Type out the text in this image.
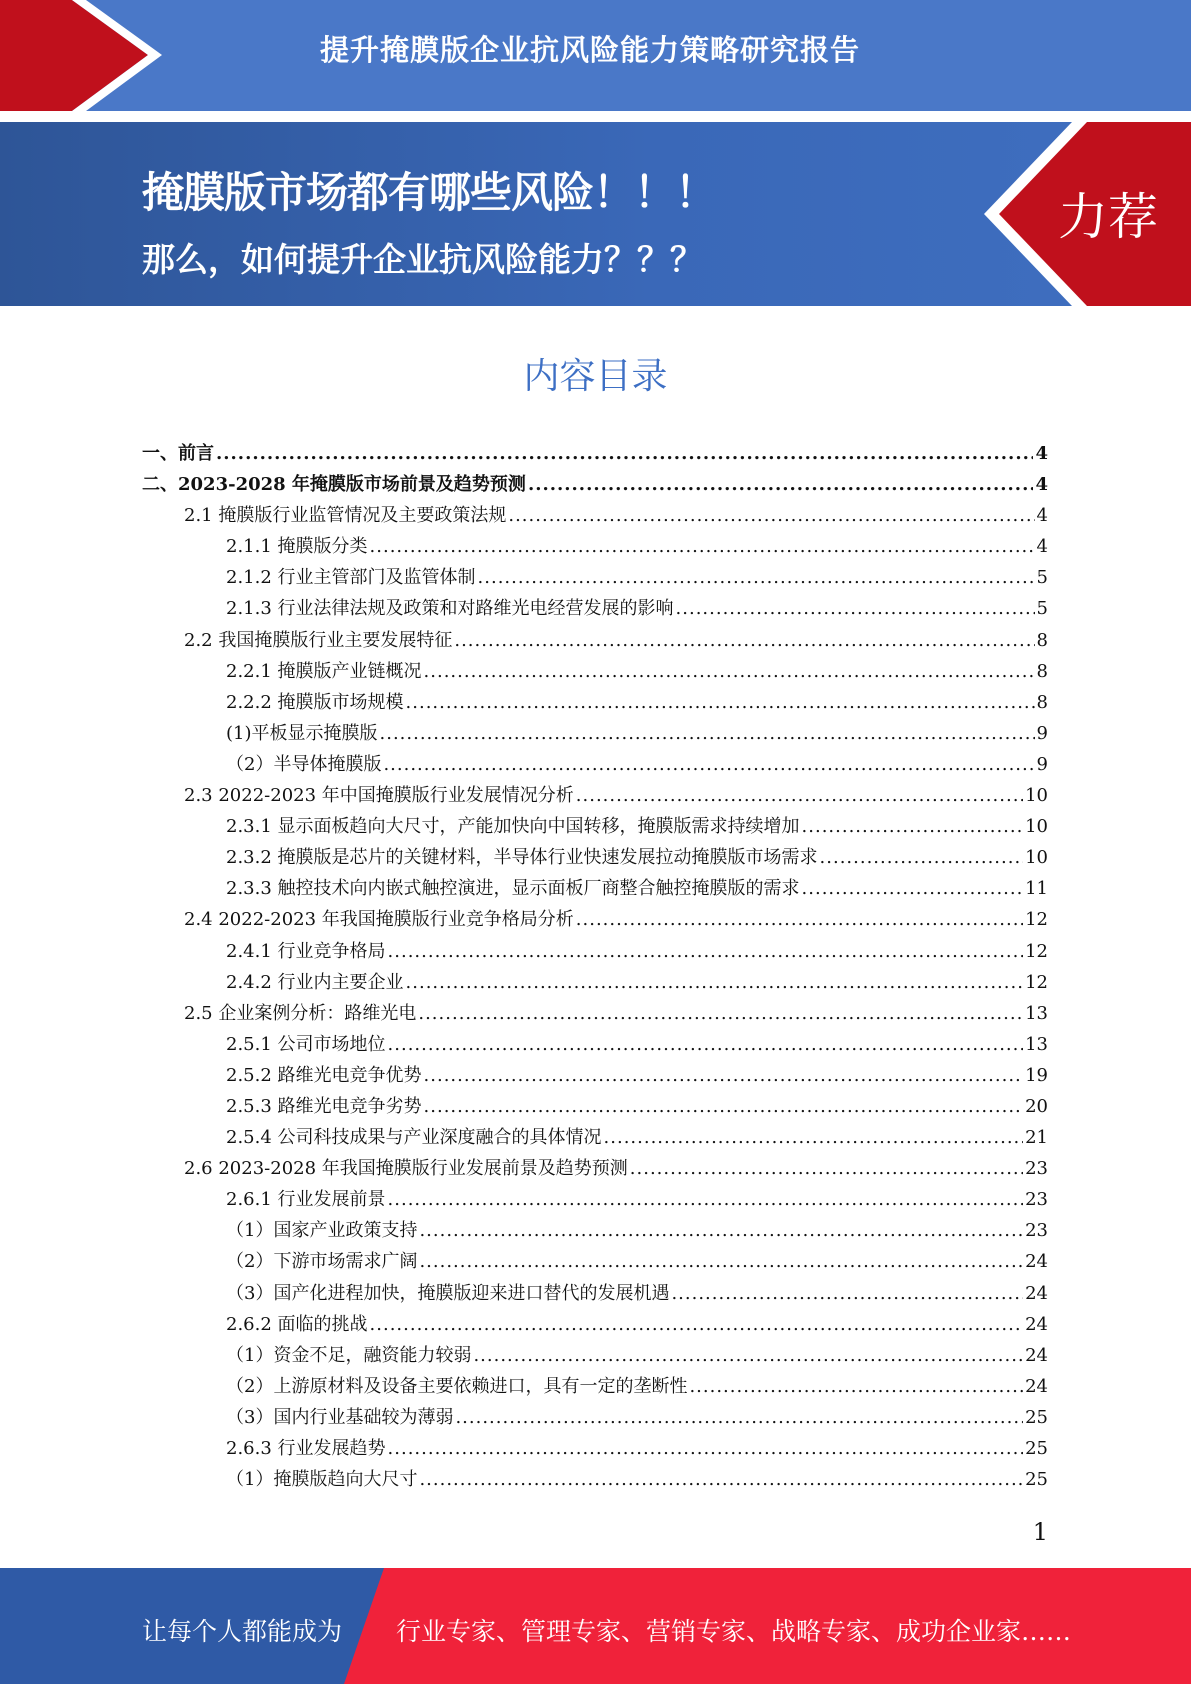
提升掩膜版企业抗风险能力策略研究报告
掩膜版市场都有哪些风险！！！
那么，如何提升企业抗风险能力？？？
力荐
内容目录
一、前言 .....	4
二、2023-2028 年掩膜版市场前景及趋势预测 .....	4
2.1 掩膜版行业监管情况及主要政策法规 .....	4
2.1.1 掩膜版分类 .....	4
2.1.2 行业主管部门及监管体制 .....	5
2.1.3 行业法律法规及政策和对路维光电经营发展的影响 .....	5
2.2 我国掩膜版行业主要发展特征 .....	8
2.2.1 掩膜版产业链概况 .....	8
2.2.2 掩膜版市场规模 .....	8
(1)平板显示掩膜版 .....	9
（2）半导体掩膜版 .....	9
2.3 2022-2023 年中国掩膜版行业发展情况分析 .....	10
2.3.1 显示面板趋向大尺寸，产能加快向中国转移，掩膜版需求持续增加 .....	10
2.3.2 掩膜版是芯片的关键材料，半导体行业快速发展拉动掩膜版市场需求 .....	10
2.3.3 触控技术向内嵌式触控演进，显示面板厂商整合触控掩膜版的需求 .....	11
2.4 2022-2023 年我国掩膜版行业竞争格局分析 .....	12
2.4.1 行业竞争格局 .....	12
2.4.2 行业内主要企业 .....	12
2.5 企业案例分析：路维光电 .....	13
2.5.1 公司市场地位 .....	13
2.5.2 路维光电竞争优势 .....	19
2.5.3 路维光电竞争劣势 .....	20
2.5.4 公司科技成果与产业深度融合的具体情况 .....	21
2.6 2023-2028 年我国掩膜版行业发展前景及趋势预测 .....	23
2.6.1 行业发展前景 .....	23
（1）国家产业政策支持 .....	23
（2）下游市场需求广阔 .....	24
（3）国产化进程加快，掩膜版迎来进口替代的发展机遇 .....	24
2.6.2 面临的挑战 .....	24
（1）资金不足，融资能力较弱 .....	24
（2）上游原材料及设备主要依赖进口，具有一定的垄断性 .....	24
（3）国内行业基础较为薄弱 .....	25
2.6.3 行业发展趋势 .....	25
（1）掩膜版趋向大尺寸 .....	25
1
让每个人都能成为 行业专家、管理专家、营销专家、战略专家、成功企业家……
